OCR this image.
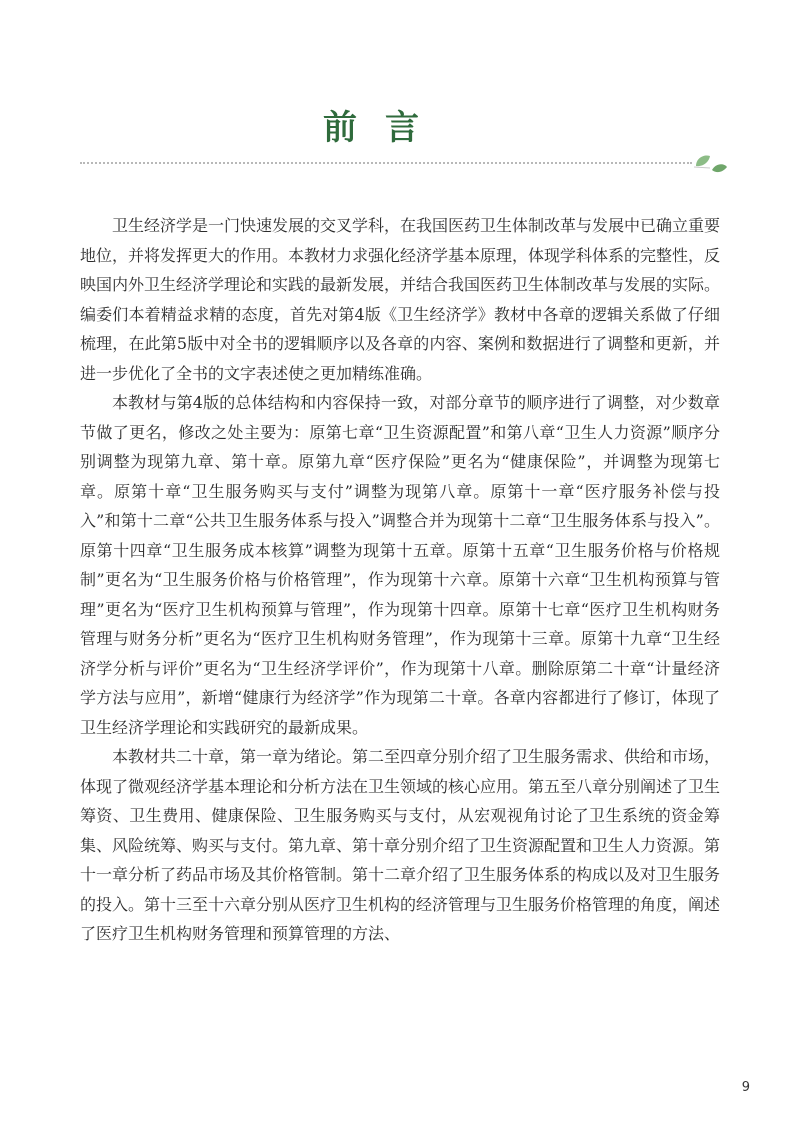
前言

卫生经济学是一门快速发展的交叉学科，在我国医药卫生体制改革与发展中已确立重要地位，并将发挥更大的作用。本教材力求强化经济学基本原理，体现学科体系的完整性，反映国内外卫生经济学理论和实践的最新发展，并结合我国医药卫生体制改革与发展的实际。编委们本着精益求精的态度，首先对第4版《卫生经济学》教材中各章的逻辑关系做了仔细梳理，在此第5版中对全书的逻辑顺序以及各章的内容、案例和数据进行了调整和更新，并进一步优化了全书的文字表述使之更加精练准确。

本教材与第4版的总体结构和内容保持一致，对部分章节的顺序进行了调整，对少数章节做了更名，修改之处主要为：原第七章“卫生资源配置”和第八章“卫生人力资源”顺序分别调整为现第九章、第十章。原第九章“医疗保险”更名为“健康保险”，并调整为现第七章。原第十章“卫生服务购买与支付”调整为现第八章。原第十一章“医疗服务补偿与投入”和第十二章“公共卫生服务体系与投入”调整合并为现第十二章“卫生服务体系与投入”。原第十四章“卫生服务成本核算”调整为现第十五章。原第十五章“卫生服务价格与价格规制”更名为“卫生服务价格与价格管理”，作为现第十六章。原第十六章“卫生机构预算与管理”更名为“医疗卫生机构预算与管理”，作为现第十四章。原第十七章“医疗卫生机构财务管理与财务分析”更名为“医疗卫生机构财务管理”，作为现第十三章。原第十九章“卫生经济学分析与评价”更名为“卫生经济学评价”，作为现第十八章。删除原第二十章“计量经济学方法与应用”，新增“健康行为经济学”作为现第二十章。各章内容都进行了修订，体现了卫生经济学理论和实践研究的最新成果。

本教材共二十章，第一章为绪论。第二至四章分别介绍了卫生服务需求、供给和市场，体现了微观经济学基本理论和分析方法在卫生领域的核心应用。第五至八章分别阐述了卫生筹资、卫生费用、健康保险、卫生服务购买与支付，从宏观视角讨论了卫生系统的资金筹集、风险统筹、购买与支付。第九章、第十章分别介绍了卫生资源配置和卫生人力资源。第十一章分析了药品市场及其价格管制。第十二章介绍了卫生服务体系的构成以及对卫生服务的投入。第十三至十六章分别从医疗卫生机构的经济管理与卫生服务价格管理的角度，阐述了医疗卫生机构财务管理和预算管理的方法、

9
